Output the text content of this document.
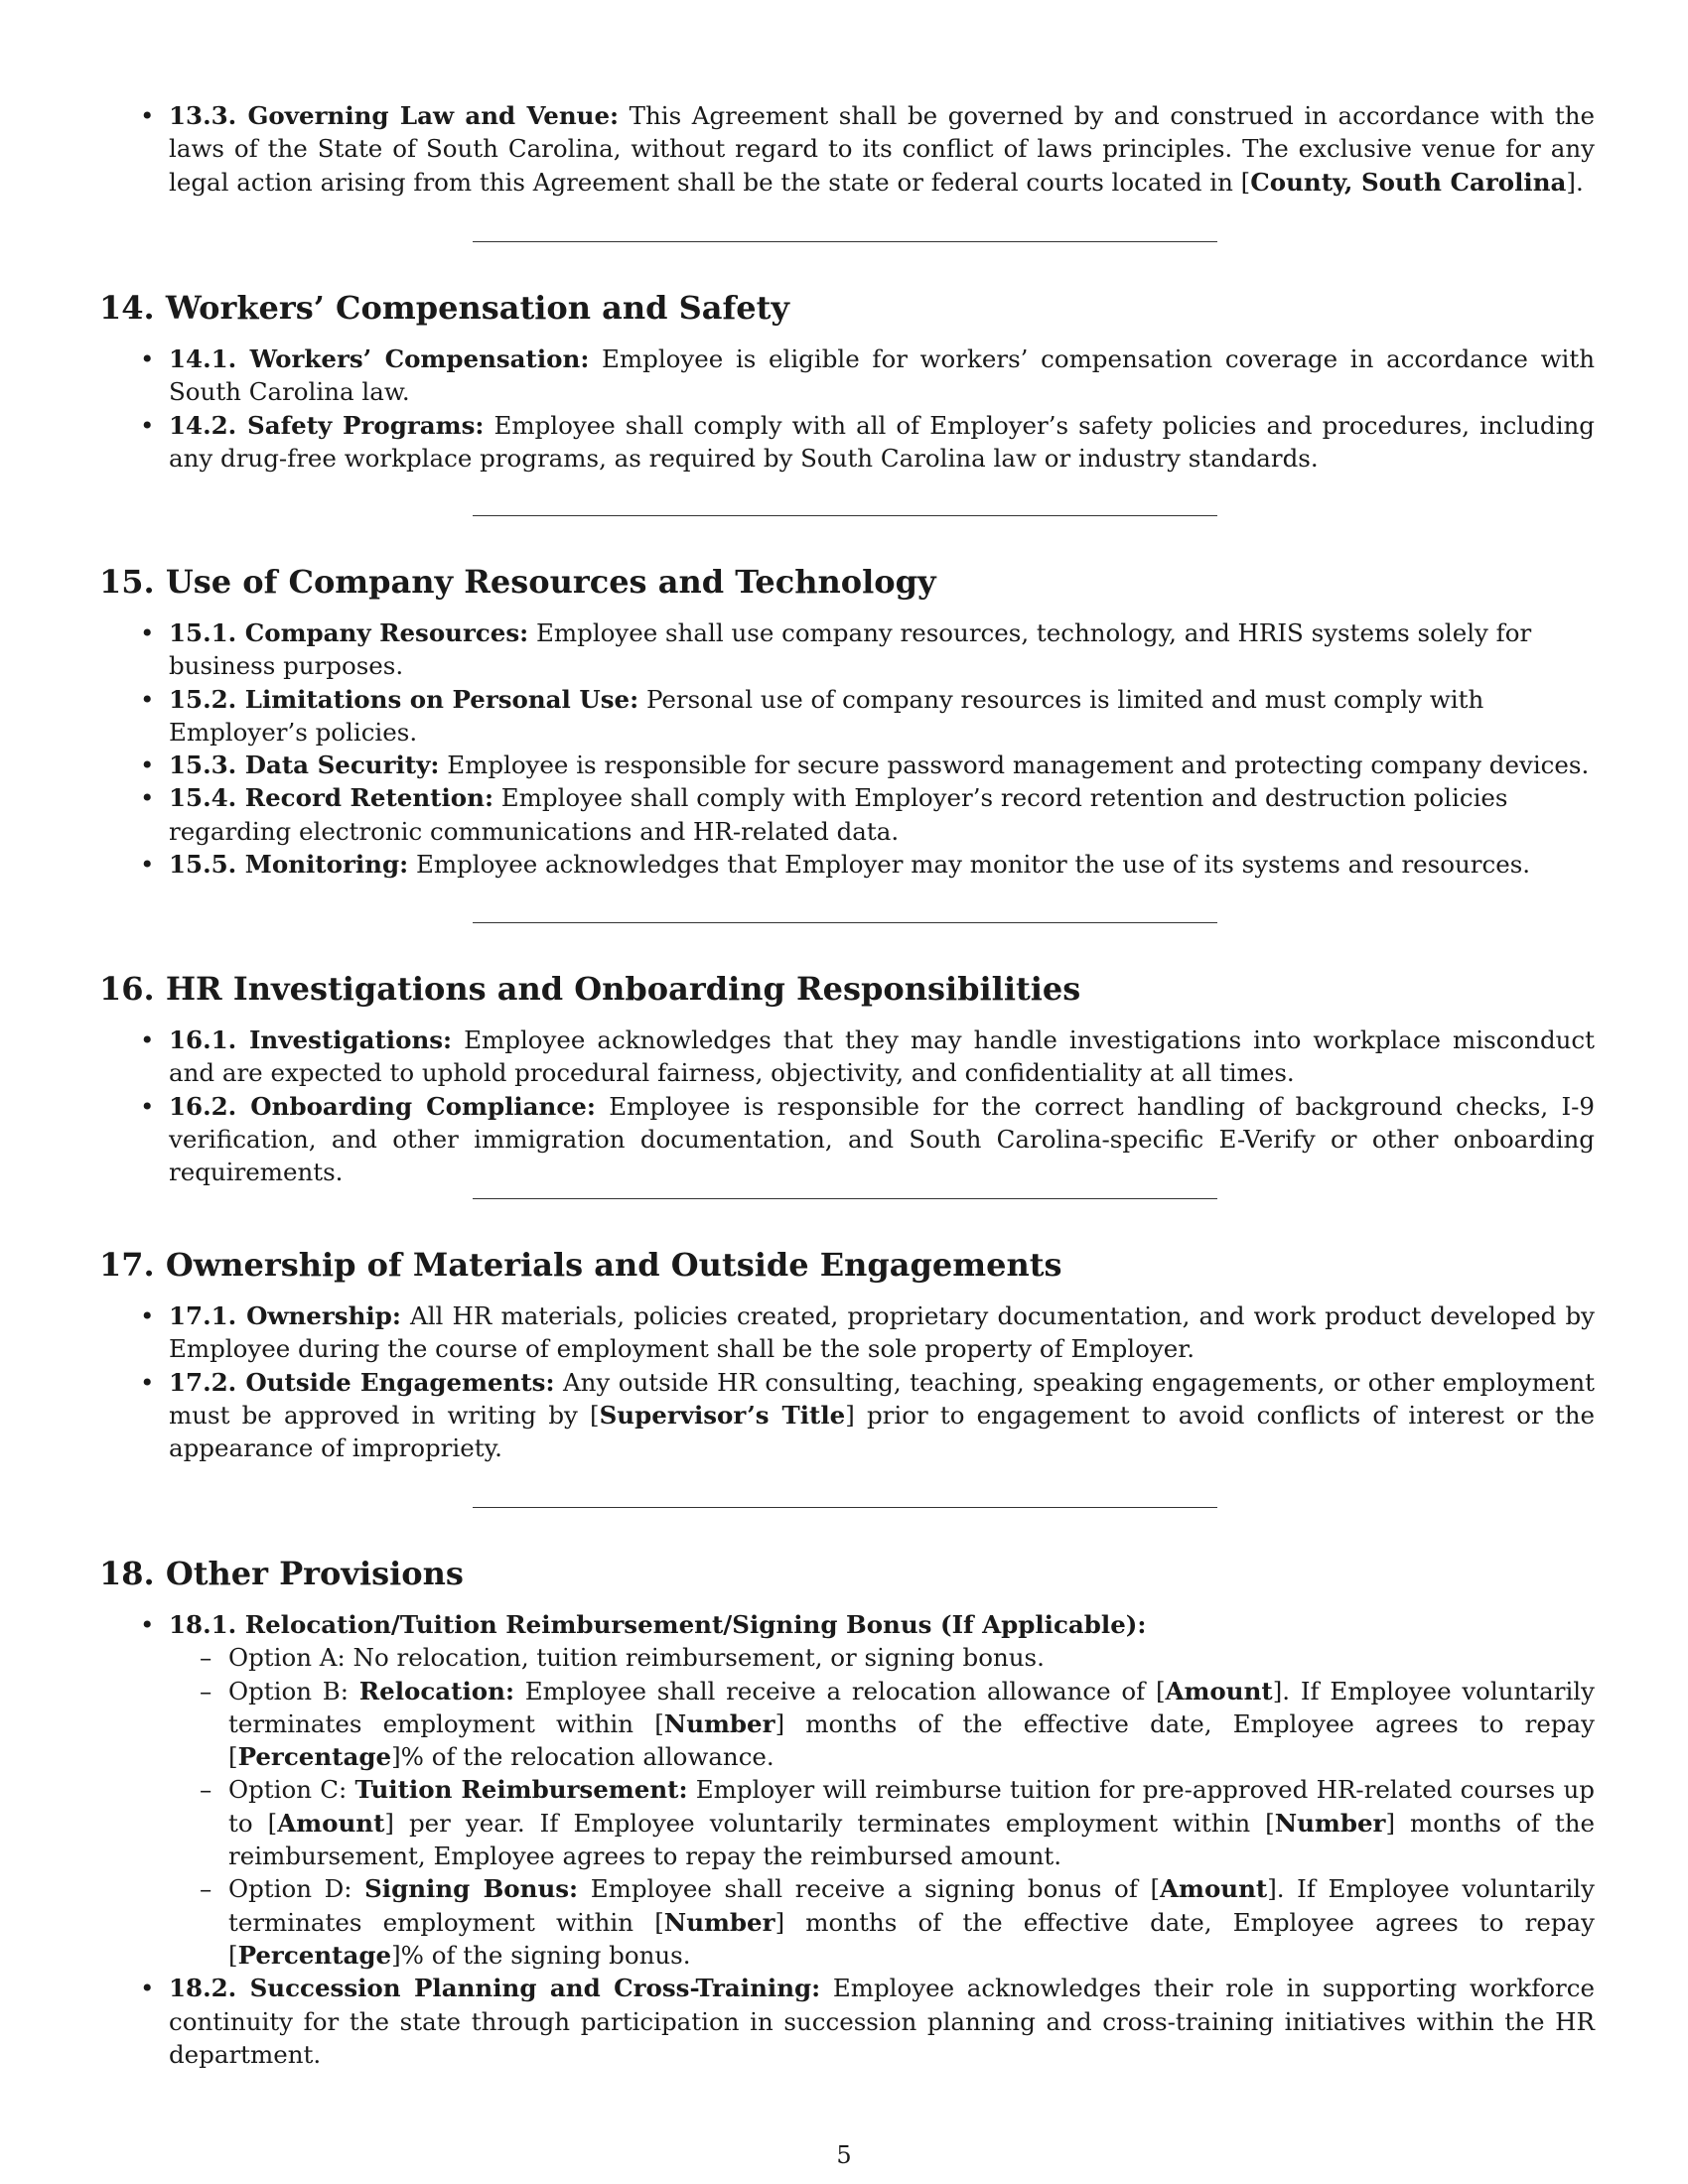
• 13.3. Governing Law and Venue: This Agreement shall be governed by and construed in accordance with the laws of the State of South Carolina, without regard to its conflict of laws principles. The exclusive venue for any legal action arising from this Agreement shall be the state or federal courts located in [County, South Carolina].
14. Workers’ Compensation and Safety
• 14.1. Workers’ Compensation: Employee is eligible for workers’ compensation coverage in accordance with South Carolina law.
• 14.2. Safety Programs: Employee shall comply with all of Employer’s safety policies and procedures, including any drug-free workplace programs, as required by South Carolina law or industry standards.
15. Use of Company Resources and Technology
• 15.1. Company Resources: Employee shall use company resources, technology, and HRIS systems solely for business purposes.
• 15.2. Limitations on Personal Use: Personal use of company resources is limited and must comply with Employer’s policies.
• 15.3. Data Security: Employee is responsible for secure password management and protecting company devices.
• 15.4. Record Retention: Employee shall comply with Employer’s record retention and destruction policies regarding electronic communications and HR-related data.
• 15.5. Monitoring: Employee acknowledges that Employer may monitor the use of its systems and resources.
16. HR Investigations and Onboarding Responsibilities
• 16.1. Investigations: Employee acknowledges that they may handle investigations into workplace misconduct and are expected to uphold procedural fairness, objectivity, and confidentiality at all times.
• 16.2. Onboarding Compliance: Employee is responsible for the correct handling of background checks, I-9 verification, and other immigration documentation, and South Carolina-specific E-Verify or other onboarding requirements.
17. Ownership of Materials and Outside Engagements
• 17.1. Ownership: All HR materials, policies created, proprietary documentation, and work product developed by Employee during the course of employment shall be the sole property of Employer.
• 17.2. Outside Engagements: Any outside HR consulting, teaching, speaking engagements, or other employment must be approved in writing by [Supervisor’s Title] prior to engagement to avoid conflicts of interest or the appearance of impropriety.
18. Other Provisions
• 18.1. Relocation/Tuition Reimbursement/Signing Bonus (If Applicable):
– Option A: No relocation, tuition reimbursement, or signing bonus.
– Option B: Relocation: Employee shall receive a relocation allowance of [Amount]. If Employee voluntarily terminates employment within [Number] months of the effective date, Employee agrees to repay [Percentage]% of the relocation allowance.
– Option C: Tuition Reimbursement: Employer will reimburse tuition for pre-approved HR-related courses up to [Amount] per year. If Employee voluntarily terminates employment within [Number] months of the reimbursement, Employee agrees to repay the reimbursed amount.
– Option D: Signing Bonus: Employee shall receive a signing bonus of [Amount]. If Employee voluntarily terminates employment within [Number] months of the effective date, Employee agrees to repay [Percentage]% of the signing bonus.
• 18.2. Succession Planning and Cross-Training: Employee acknowledges their role in supporting workforce continuity for the state through participation in succession planning and cross-training initiatives within the HR department.
5
